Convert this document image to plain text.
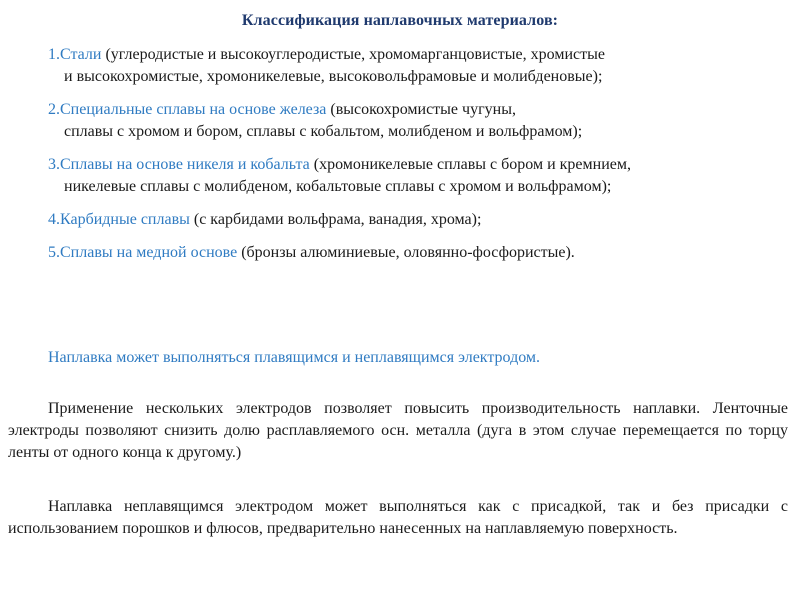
Классификация наплавочных материалов:
1.Стали (углеродистые и высокоуглеродистые, хромомарганцовистые, хромистые
и высокохромистые, хромоникелевые, высоковольфрамовые и молибденовые);
2.Специальные сплавы на основе железа (высокохромистые чугуны,
сплавы с хромом и бором, сплавы с кобальтом, молибденом и вольфрамом);
3.Сплавы на основе никеля и кобальта (хромоникелевые сплавы с бором и кремнием,
никелевые сплавы с молибденом, кобальтовые сплавы с хромом и вольфрамом);
4.Карбидные сплавы (с карбидами вольфрама, ванадия, хрома);
5.Сплавы на медной основе (бронзы алюминиевые, оловянно-фосфористые).
Наплавка может выполняться плавящимся и неплавящимся электродом.

Применение нескольких электродов позволяет повысить производительность наплавки. Ленточные электроды позволяют снизить долю расплавляемого осн. металла (дуга в этом случае перемещается по торцу ленты от одного конца к другому.)

Наплавка неплавящимся электродом может выполняться как с присадкой, так и без присадки с использованием порошков и флюсов, предварительно нанесенных на наплавляемую поверхность.
